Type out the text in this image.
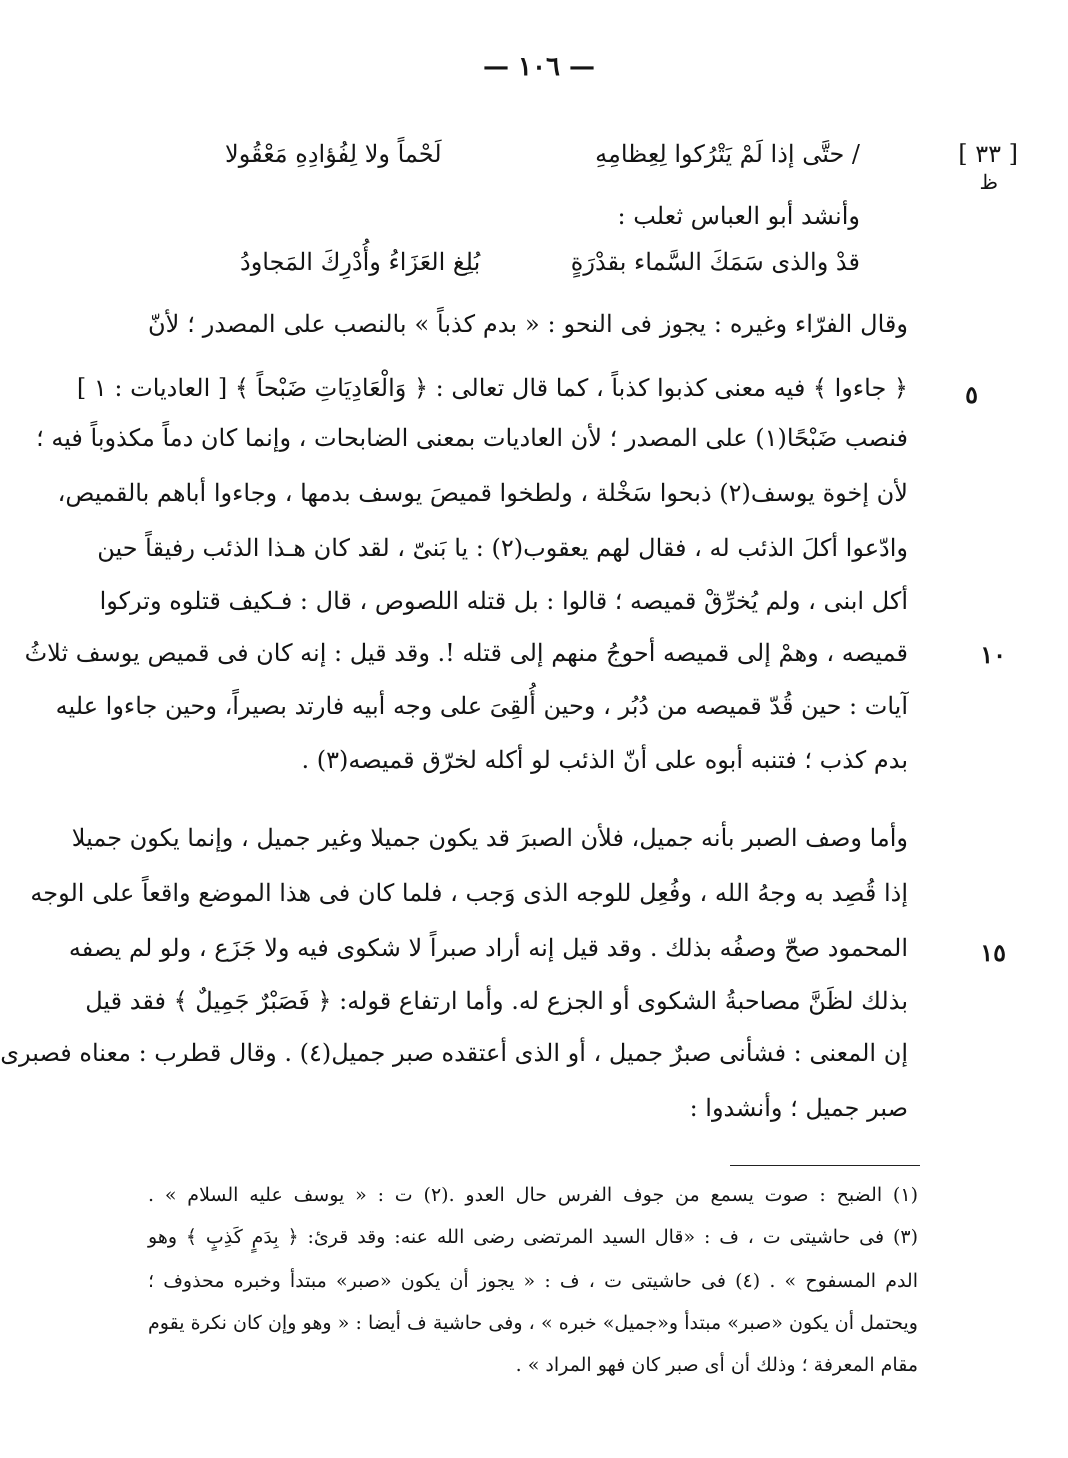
— ١٠٦ —
[ ٣٣ ]
ظ
/ حتَّى إذا لَمْ يَتْرُكوا لِعِظامِهِ
لَحْماً ولا لِفُؤادِهِ مَعْقُولا
وأنشد أبو العباس ثعلب :
قدْ والذى سَمَكَ السَّماء بقدْرَةٍ
بُلِغ العَزَاءُ وأُدْرِكَ المَجاودُ
٥
١٠
١٥
وقال الفرّاء وغيره : يجوز فى النحو : « بدم كذباً » بالنصب على المصدر ؛ لأنّ
﴿ جاءوا ﴾ فيه معنى كذبوا كذباً ، كما قال تعالى : ﴿ وَالْعَادِيَاتِ ضَبْحاً ﴾ [ العاديات : ١ ]
فنصب ضَبْحًا(١) على المصدر ؛ لأن العاديات بمعنى الضابحات ، وإنما كان دماً مكذوباً فيه ؛
لأن إخوة يوسف(٢) ذبحوا سَخْلة ، ولطخوا قميصَ يوسف بدمها ، وجاءوا أباهم بالقميص،
وادّعوا أكلَ الذئب له ، فقال لهم يعقوب(٢) : يا بَنىّ ، لقد كان هـذا الذئب رفيقاً حين
أكل ابنى ، ولم يُخرِّقْ قميصه ؛ قالوا : بل قتله اللصوص ، قال : فـكيف قتلوه وتركوا
قميصه ، وهمْ إلى قميصه أحوجُ منهم إلى قتله !. وقد قيل : إنه كان فى قميص يوسف ثلاثُ
آيات : حين قُدّ قميصه من دُبُر ، وحين أُلقِىَ على وجه أبيه فارتد بصيراً، وحين جاءوا عليه
بدم كذب ؛ فتنبه أبوه على أنّ الذئب لو أكله لخرّق قميصه(٣) .
وأما وصف الصبر بأنه جميل، فلأن الصبرَ قد يكون جميلا وغير جميل ، وإنما يكون جميلا
إذا قُصِد به وجهُ الله ، وفُعِل للوجه الذى وَجب ، فلما كان فى هذا الموضع واقعاً على الوجه
المحمود صحّ وصفُه بذلك . وقد قيل إنه أراد صبراً لا شكوى فيه ولا جَزَع ، ولو لم يصفه
بذلك لظَنَّ مصاحبةُ الشكوى أو الجزع له. وأما ارتفاع قوله: ﴿ فَصَبْرٌ جَمِيلٌ ﴾ فقد قيل
إن المعنى : فشأنى صبرٌ جميل ، أو الذى أعتقده صبر جميل(٤) . وقال قطرب : معناه فصبرى
صبر جميل ؛ وأنشدوا :
(١) الضبح : صوت يسمع من جوف الفرس حال العدو .(٢) ت : « يوسف عليه السلام » .
(٣) فى حاشيتى ت ، ف : «قال السيد المرتضى رضى الله عنه: وقد قرئ: ﴿ بِدَمٍ كَذِبٍ ﴾ وهو
الدم المسفوح » . (٤) فى حاشيتى ت ، ف : « يجوز أن يكون «صبر» مبتدأ وخبره محذوف ؛
ويحتمل أن يكون «صبر» مبتدأ و«جميل» خبره » ، وفى حاشية ف أيضا : « وهو وإن كان نكرة يقوم
مقام المعرفة ؛ وذلك أن أى صبر كان فهو المراد » .
